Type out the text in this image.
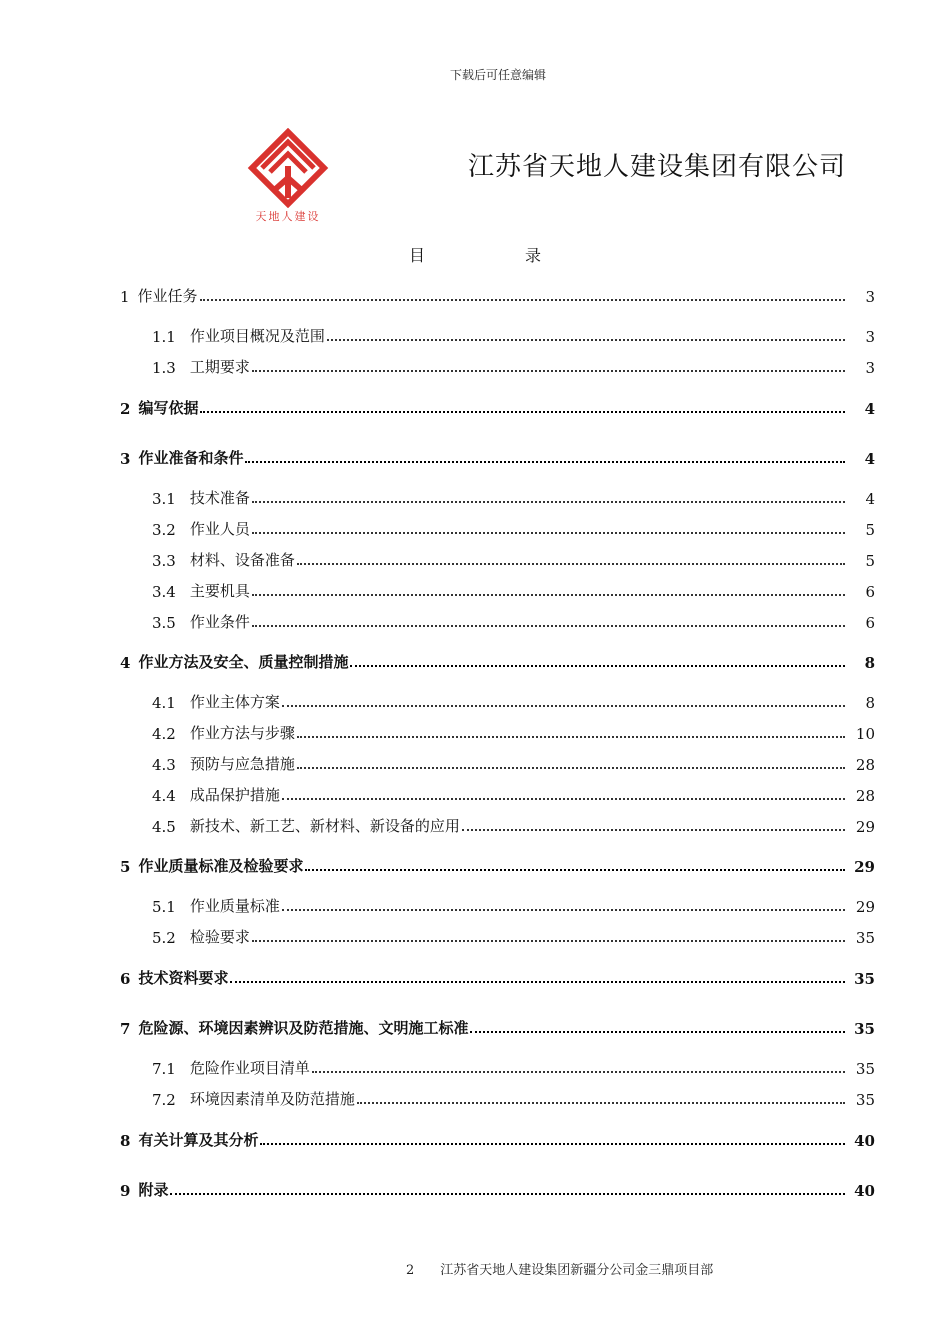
下载后可任意编辑
天地人建设
江苏省天地人建设集团有限公司
目	录
1 作业任务	3
1.1 作业项目概况及范围	3
1.3 工期要求	3
2 编写依据	4
3 作业准备和条件	4
3.1 技术准备	4
3.2 作业人员	5
3.3 材料、设备准备	5
3.4 主要机具	6
3.5 作业条件	6
4 作业方法及安全、质量控制措施	8
4.1 作业主体方案	8
4.2 作业方法与步骤	10
4.3 预防与应急措施	28
4.4 成品保护措施	28
4.5 新技术、新工艺、新材料、新设备的应用	29
5 作业质量标准及检验要求	29
5.1 作业质量标准	29
5.2 检验要求	35
6 技术资料要求	35
7 危险源、环境因素辨识及防范措施、文明施工标准	35
7.1 危险作业项目清单	35
7.2 环境因素清单及防范措施	35
8 有关计算及其分析	40
9 附录	40
2 江苏省天地人建设集团新疆分公司金三鼎项目部
